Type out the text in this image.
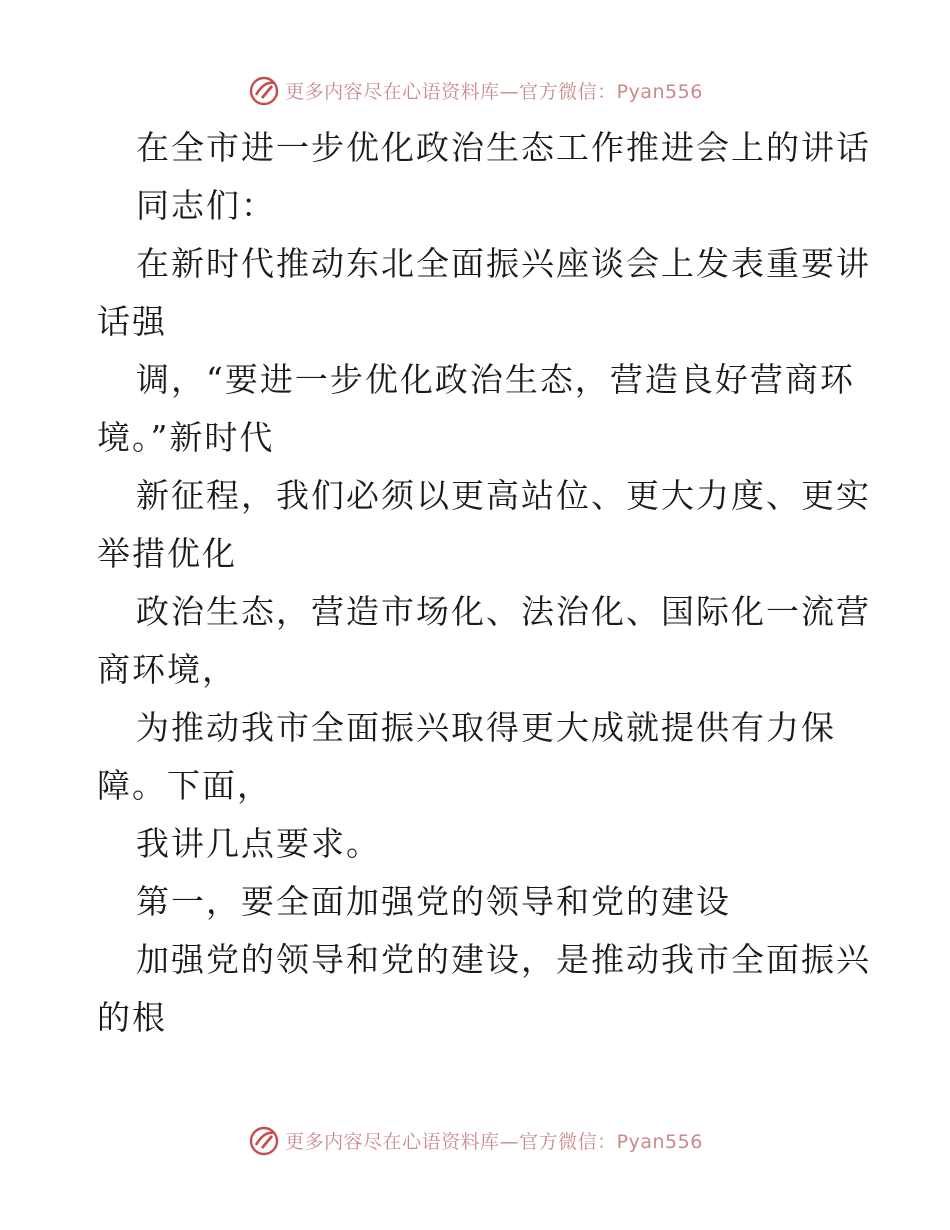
更多内容尽在心语资料库—官方微信：Pyan556
在全市进一步优化政治生态工作推进会上的讲话
同志们：
在新时代推动东北全面振兴座谈会上发表重要讲
话强
调，“要进一步优化政治生态，营造良好营商环
境。”新时代
新征程，我们必须以更高站位、更大力度、更实
举措优化
政治生态，营造市场化、法治化、国际化一流营
商环境，
为推动我市全面振兴取得更大成就提供有力保
障。下面，
我讲几点要求。
第一，要全面加强党的领导和党的建设
加强党的领导和党的建设，是推动我市全面振兴
的根
更多内容尽在心语资料库—官方微信：Pyan556
